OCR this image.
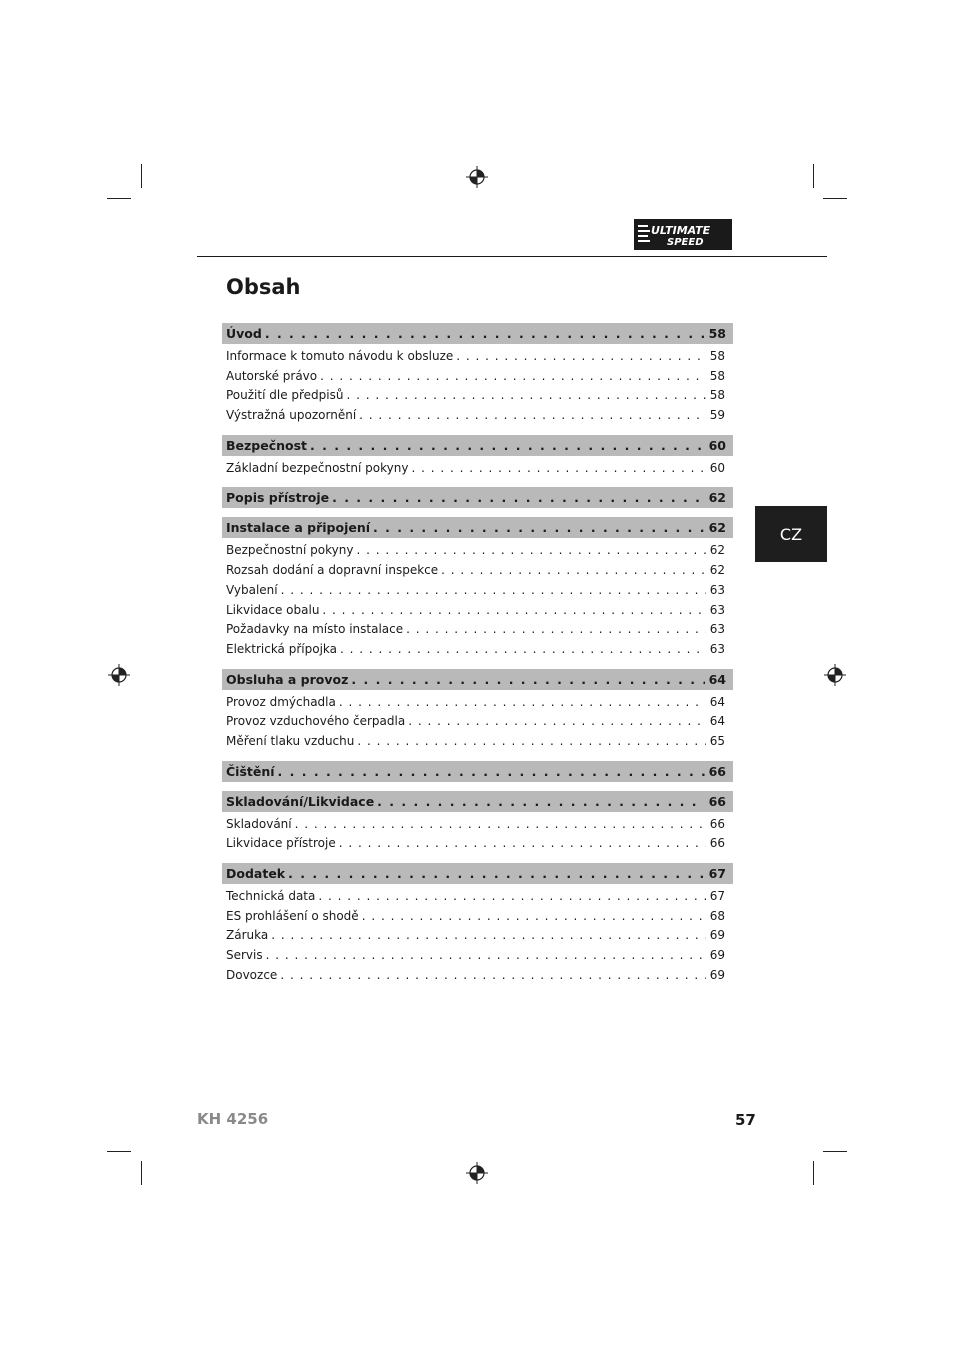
ULTIMATE
SPEED
Obsah
CZ
Úvod . . .	58
Informace k tomuto návodu k obsluze . . .	58
Autorské právo . . .	58
Použití dle předpisů . . .	58
Výstražná upozornění . . .	59
Bezpečnost . . .	60
Základní bezpečnostní pokyny . . .	60
Popis přístroje . . .	62
Instalace a připojení . . .	62
Bezpečnostní pokyny . . .	62
Rozsah dodání a dopravní inspekce . . .	62
Vybalení . . .	63
Likvidace obalu . . .	63
Požadavky na místo instalace . . .	63
Elektrická přípojka . . .	63
Obsluha a provoz . . .	64
Provoz dmýchadla . . .	64
Provoz vzduchového čerpadla . . .	64
Měření tlaku vzduchu . . .	65
Čištění . . .	66
Skladování/Likvidace . . .	66
Skladování . . .	66
Likvidace přístroje . . .	66
Dodatek . . .	67
Technická data . . .	67
ES prohlášení o shodě . . .	68
Záruka . . .	69
Servis . . .	69
Dovozce . . .	69
KH 4256	57
